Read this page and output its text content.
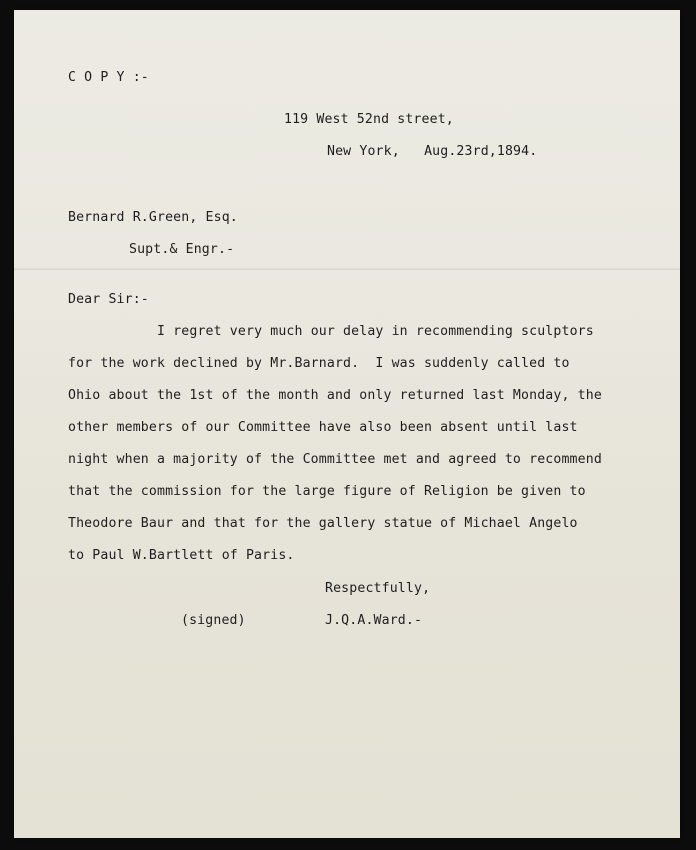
C O P Y :-
119 West 52nd street,
New York,   Aug.23rd,1894.
Bernard R.Green, Esq.
Supt.& Engr.-
Dear Sir:-
I regret very much our delay in recommending sculptors
for the work declined by Mr.Barnard.  I was suddenly called to
Ohio about the 1st of the month and only returned last Monday, the
other members of our Committee have also been absent until last
night when a majority of the Committee met and agreed to recommend
that the commission for the large figure of Religion be given to
Theodore Baur and that for the gallery statue of Michael Angelo
to Paul W.Bartlett of Paris.
Respectfully,
(signed)	J.Q.A.Ward.-
